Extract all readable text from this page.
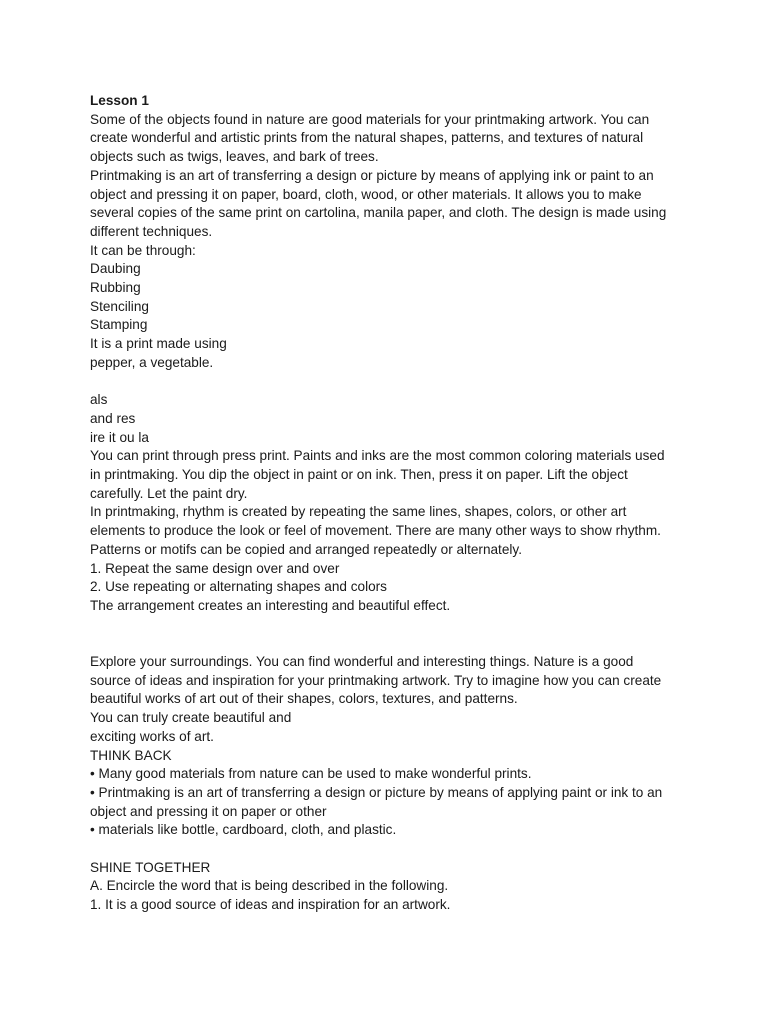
Lesson 1
Some of the objects found in nature are good materials for your printmaking artwork. You can
create wonderful and artistic prints from the natural shapes, patterns, and textures of natural
objects such as twigs, leaves, and bark of trees.
Printmaking is an art of transferring a design or picture by means of applying ink or paint to an
object and pressing it on paper, board, cloth, wood, or other materials. It allows you to make
several copies of the same print on cartolina, manila paper, and cloth. The design is made using
different techniques.
It can be through:
Daubing
Rubbing
Stenciling
Stamping
It is a print made using
pepper, a vegetable.
als
and res
ire it ou la
You can print through press print. Paints and inks are the most common coloring materials used
in printmaking. You dip the object in paint or on ink. Then, press it on paper. Lift the object
carefully. Let the paint dry.
In printmaking, rhythm is created by repeating the same lines, shapes, colors, or other art
elements to produce the look or feel of movement. There are many other ways to show rhythm.
Patterns or motifs can be copied and arranged repeatedly or alternately.
1. Repeat the same design over and over
2. Use repeating or alternating shapes and colors
The arrangement creates an interesting and beautiful effect.
Explore your surroundings. You can find wonderful and interesting things. Nature is a good
source of ideas and inspiration for your printmaking artwork. Try to imagine how you can create
beautiful works of art out of their shapes, colors, textures, and patterns.
You can truly create beautiful and
exciting works of art.
THINK BACK
• Many good materials from nature can be used to make wonderful prints.
• Printmaking is an art of transferring a design or picture by means of applying paint or ink to an
object and pressing it on paper or other
• materials like bottle, cardboard, cloth, and plastic.
SHINE TOGETHER
A. Encircle the word that is being described in the following.
1. It is a good source of ideas and inspiration for an artwork.
